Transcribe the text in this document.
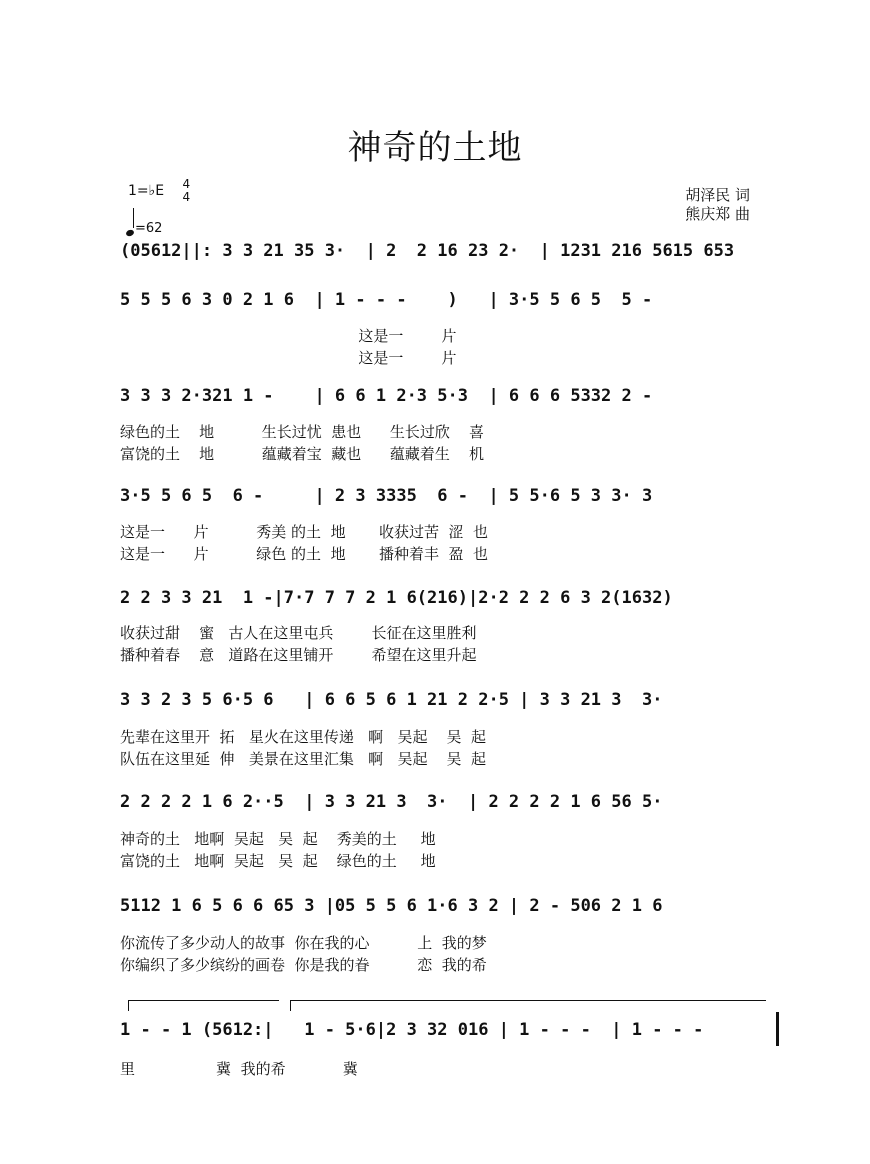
神奇的土地
1=♭E 4
4
=62
胡泽民 词
熊庆郑 曲
(05612||: 3 3 21 35 3·  | 2  2 16 23 2·  | 1231 216 5615 653
5 5 5 6 3 0 2 1 6  | 1 - - -    )   | 3·5 5 6 5  5 -
这是一        片
这是一        片
3 3 3 2·321 1 -    | 6 6 1 2·3 5·3  | 6 6 6 5332 2 -
绿色的土    地          生长过忧  患也      生长过欣    喜
富饶的土    地          蕴藏着宝  藏也      蕴藏着生    机
3·5 5 6 5  6 -     | 2 3 3335  6 -  | 5 5·6 5 3 3· 3
这是一      片          秀美 的土  地       收获过苦  涩  也
这是一      片          绿色 的土  地       播种着丰  盈  也
2 2 3 3 21  1 -|7·7 7 7 2 1 6(216)|2·2 2 2 6 3 2(1632)
收获过甜    蜜   古人在这里屯兵        长征在这里胜利
播种着春    意   道路在这里铺开        希望在这里升起
3 3 2 3 5 6·5 6   | 6 6 5 6 1 21 2 2·5 | 3 3 21 3  3·
先辈在这里开  拓   星火在这里传递   啊   吴起    吴  起
队伍在这里延  伸   美景在这里汇集   啊   吴起    吴  起
2 2 2 2 1 6 2··5  | 3 3 21 3  3·  | 2 2 2 2 1 6 56 5·
神奇的土   地啊  吴起   吴  起    秀美的土     地
富饶的土   地啊  吴起   吴  起    绿色的土     地
5112 1 6 5 6 6 65 3 |05 5 5 6 1·6 3 2 | 2 - 506 2 1 6
你流传了多少动人的故事  你在我的心          上  我的梦
你编织了多少缤纷的画卷  你是我的眷          恋  我的希
1 - - 1 (5612:|   1 - 5·6|2 3 32 016 | 1 - - -  | 1 - - -
里                 冀  我的希            冀
